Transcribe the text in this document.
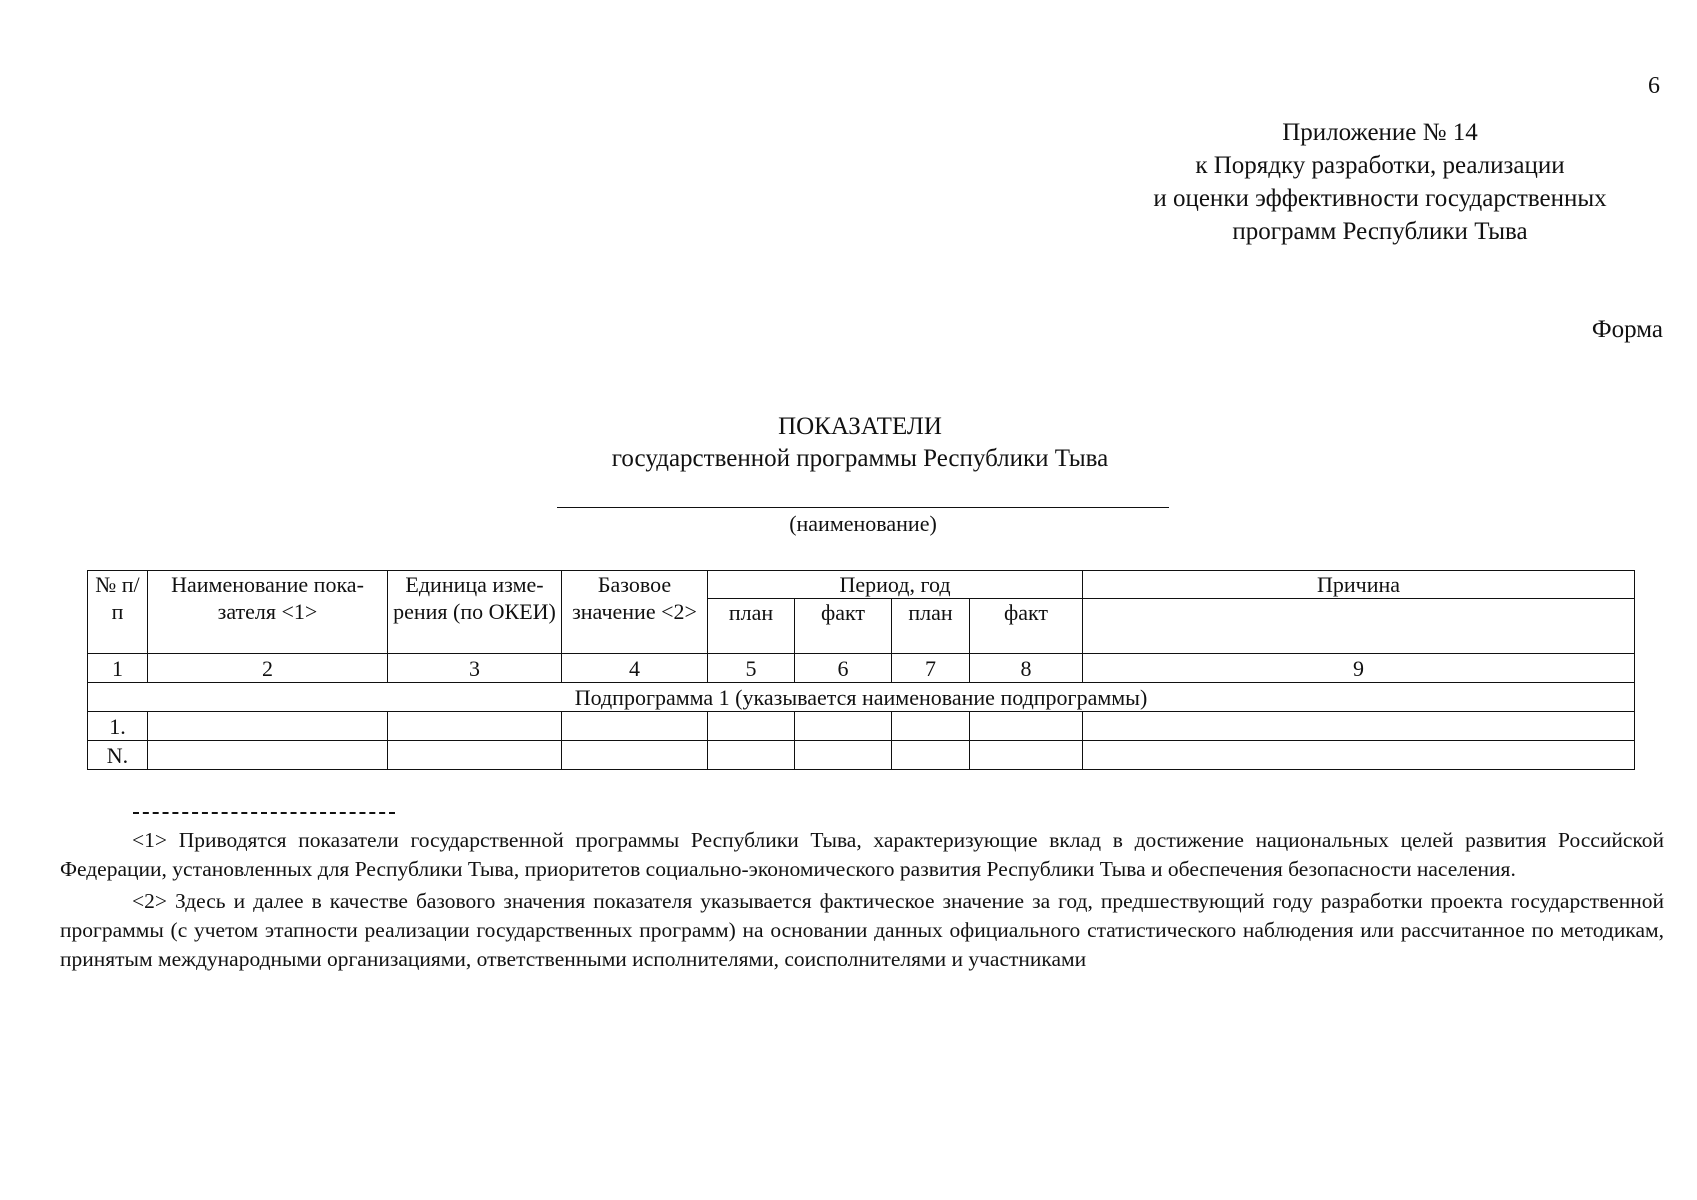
6
Приложение № 14
к Порядку разработки, реализации
и оценки эффективности государственных
программ Республики Тыва
Форма
ПОКАЗАТЕЛИ
государственной программы Республики Тыва
(наименование)
№ п/п	Наименование пока-зателя <1>	Единица изме-рения (по ОКЕИ)	Базовое значение <2>	Период, год				Причина
				план	факт	план	факт	
1	2	3	4	5	6	7	8	9
Подпрограмма 1 (указывается наименование подпрограммы)								
1.								
N.								

<1> Приводятся показатели государственной программы Республики Тыва, характеризующие вклад в достижение национальных целей развития Российской Федерации, установленных для Республики Тыва, приоритетов социально-экономического развития Республики Тыва и обеспечения безопасности населения.

<2> Здесь и далее в качестве базового значения показателя указывается фактическое значение за год, предшествующий году разработки проекта государственной программы (с учетом этапности реализации государственных программ) на основании данных официального статистического наблюдения или рассчитанное по методикам, принятым международными организациями, ответственными исполнителями, соисполнителями и участниками
